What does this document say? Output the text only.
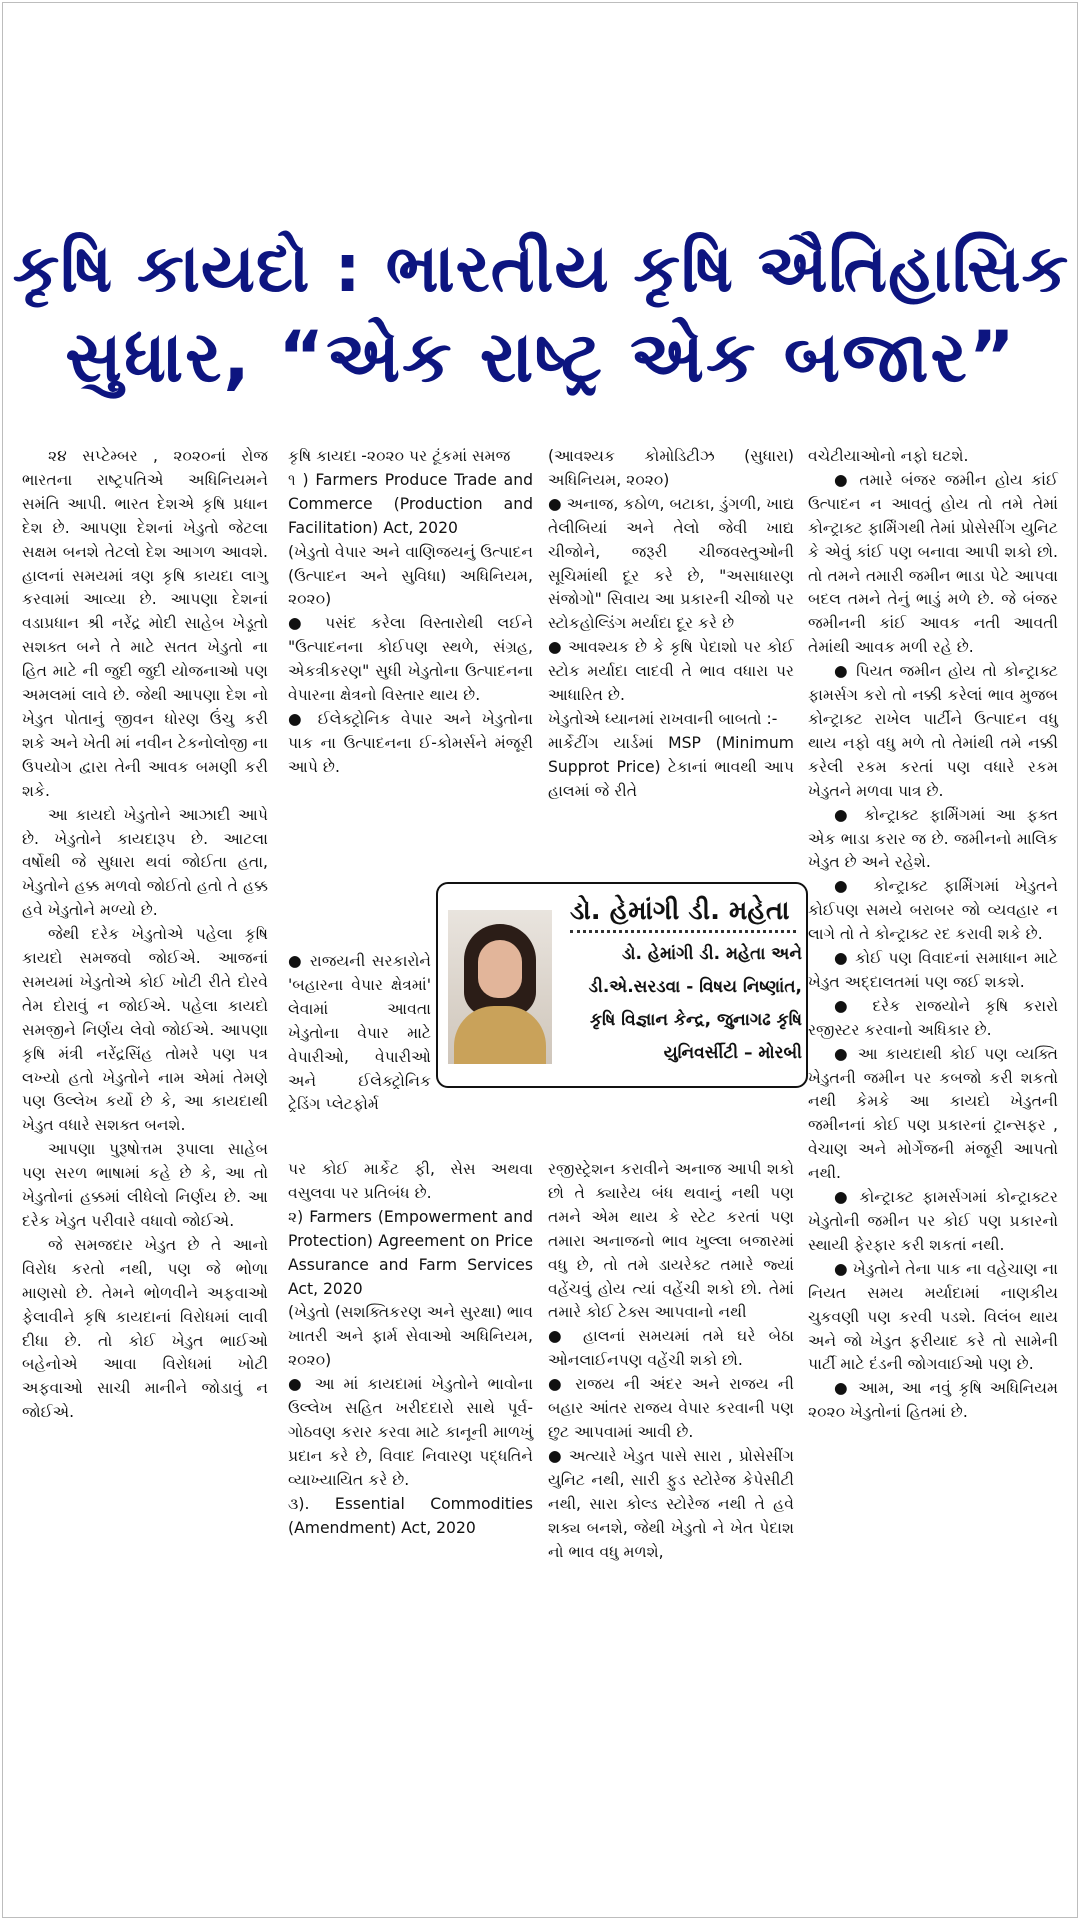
કૃષિ કાયદો : ભારતીય કૃષિ ઐતિહાસિક
સુધાર, “એક રાષ્ટ્ર એક બજાર”

૨૪ સપ્ટેમ્બર , ૨૦૨૦નાં રોજ ભારતના રાષ્ટ્રપતિએ અધિનિયમને સમંતિ આપી. ભારત દેશએ કૃષિ પ્રધાન દેશ છે. આપણા દેશનાં ખેડુતો જેટલા સક્ષમ બનશે તેટલો દેશ આગળ આવશે. હાલનાં સમયમાં ત્રણ કૃષિ કાયદા લાગુ કરવામાં આવ્યા છે. આપણા દેશનાં વડાપ્રધાન શ્રી નરેંદ્ર મોદી સાહેબ ખેડૂતો સશક્ત બને તે માટે સતત ખેડુતો ના હિત માટે ની જુદી જુદી યોજનાઓ પણ અમલમાં લાવે છે. જેથી આપણા દેશ નો ખેડુત પોતાનું જીવન ધોરણ ઉંચુ કરી શકે અને ખેતી માં નવીન ટેકનોલોજી ના ઉપયોગ દ્વારા તેની આવક બમણી કરી શકે.

આ કાયદો ખેડુતોને આઝાદી આપે છે. ખેડુતોને કાયદારૂપ છે. આટલા વર્ષોથી જે સુધારા થવાં જોઈતા હતા, ખેડુતોને હક્ક મળવો જોઈતો હતો તે હક્ક હવે ખેડુતોને મળ્યો છે.

જેથી દરેક ખેડુતોએ પહેલા કૃષિ કાયદો સમજવો જોઈએ. આજનાં સમયમાં ખેડુતોએ કોઈ ખોટી રીતે દોરવે તેમ દોરાવું ન જોઈએ. પહેલા કાયદો સમજીને નિર્ણય લેવો જોઈએ. આપણા કૃષિ મંત્રી નરેંદ્રસિંહ તોમરે પણ પત્ર લખ્યો હતો ખેડુતોને નામ એમાં તેમણે પણ ઉલ્લેખ કર્યો છે કે, આ કાયદાથી ખેડુત વધારે સશક્ત બનશે.

આપણા પુરૂષોત્તમ રૂપાલા સાહેબ પણ સરળ ભાષામાં કહે છે કે, આ તો ખેડુતોનાં હક્કમાં લીધેલો નિર્ણય છે. આ દરેક ખેડુત પરીવારે વધાવો જોઈએ.

જે સમજદાર ખેડુત છે તે આનો વિરોધ કરતો નથી, પણ જે ભોળા માણસો છે. તેમને ભોળવીને અફવાઓ ફેલાવીને કૃષિ કાયદાનાં વિરોધમાં લાવી દીધા છે. તો કોઈ ખેડુત ભાઈઓ બહેનોએ આવા વિરોધમાં ખોટી અફવાઓ સાચી માનીને જોડાવું ન જોઈએ.

કૃષિ કાયદા -૨૦૨૦ પર ટૂંકમાં સમજ

૧ ) Farmers Produce Trade and Commerce (Production and Facilitation) Act, 2020

(ખેડુતો વેપાર અને વાણિજયનું ઉત્પાદન (ઉત્પાદન અને સુવિધા) અધિનિયમ, ૨૦૨૦)

● પસંદ કરેલા વિસ્તારોથી લઈને "ઉત્પાદનના કોઈપણ સ્થળે, સંગ્રહ, એકત્રીકરણ" સુધી ખેડુતોના ઉત્પાદનના વેપારના ક્ષેત્રનો વિસ્તાર થાય છે.

● ઈલેક્ટ્રોનિક વેપાર અને ખેડુતોના પાક ના ઉત્પાદનના ઈ-કોમર્સને મંજૂરી આપે છે.

● રાજયની સરકારોને 'બહારના વેપાર ક્ષેત્રમાં' લેવામાં આવતા ખેડુતોના વેપાર માટે વેપારીઓ, વેપારીઓ અને ઈલેક્ટ્રોનિક ટ્રેડિંગ પ્લેટફોર્મ

પર કોઈ માર્કેટ ફી, સેસ અથવા વસુલવા પર પ્રતિબંધ છે.

૨) Farmers (Empowerment and Protection) Agreement on Price Assurance and Farm Services Act, 2020

(ખેડુતો (સશક્તિકરણ અને સુરક્ષા) ભાવ ખાતરી અને ફાર્મ સેવાઓ અધિનિયમ, ૨૦૨૦)

● આ માં કાયદામાં ખેડુતોને ભાવોના ઉલ્લેખ સહિત ખરીદદારો સાથે પૂર્વ-ગોઠવણ કરાર કરવા માટે કાનૂની માળખું પ્રદાન કરે છે, વિવાદ નિવારણ પદ્ધતિને વ્યાખ્યાયિત કરે છે.

૩). Essential Commodities (Amendment) Act, 2020

(આવશ્યક કોમોડિટીઝ (સુધારા) અધિનિયમ, ૨૦૨૦)

● અનાજ, કઠોળ, બટાકા, ડુંગળી, ખાદ્ય તેલીબિયાં અને તેલો જેવી ખાદ્ય ચીજોને, જરૂરી ચીજવસ્તુઓની સૂચિમાંથી દૂર કરે છે, "અસાધારણ સંજોગો" સિવાય આ પ્રકારની ચીજો પર સ્ટોકહોલ્ડિંગ મર્યાદા દૂર કરે છે

● આવશ્યક છે કે કૃષિ પેદાશો પર કોઈ સ્ટોક મર્યાદા લાદવી તે ભાવ વધારા પર આધારિત છે.

ખેડુતોએ ધ્યાનમાં રાખવાની બાબતો :-

માર્કેટીંગ યાર્ડમાં MSP (Minimum Supprot Price) ટેકાનાં ભાવથી આપ હાલમાં જે રીતે

ડો. હેમાંગી ડી. મહેતા
ડો. હેમાંગી ડી. મહેતા અને
ડી.એ.સરડવા - વિષય નિષ્ણાંત,
કૃષિ વિજ્ઞાન કેન્દ્ર, જુનાગઢ કૃષિ
યુનિવર્સીટી – મોરબી

રજીસ્ટ્રેશન કરાવીને અનાજ આપી શકો છો તે ક્યારેય બંધ થવાનું નથી પણ તમને એમ થાય કે સ્ટેટ કરતાં પણ તમારા અનાજનો ભાવ ખુલ્લા બજારમાં વધુ છે, તો તમે ડાયરેક્ટ તમારે જ્યાં વહેંચવું હોય ત્યાં વહેંચી શકો છો. તેમાં તમારે કોઈ ટેક્સ આપવાનો નથી

● હાલનાં સમયમાં તમે ઘરે બેઠા ઓનલાઈનપણ વહેંચી શકો છો.

● રાજય ની અંદર અને રાજય ની બહાર આંતર રાજય વેપાર કરવાની પણ છુટ આપવામાં આવી છે.

● અત્યારે ખેડુત પાસે સારા , પ્રોસેસીંગ યુનિટ નથી, સારી ફુડ સ્ટોરેજ કેપેસીટી નથી, સારા કોલ્ડ સ્ટોરેજ નથી તે હવે શક્ય બનશે, જેથી ખેડુતો ને ખેત પેદાશ નો ભાવ વધુ મળશે,

વચેટીયાઓનો નફો ઘટશે.

● તમારે બંજર જમીન હોય કાંઈ ઉત્પાદન ન આવતું હોય તો તમે તેમાં કોન્ટ્રાક્ટ ફાર્મિંગથી તેમાં પ્રોસેસીંગ યુનિટ કે એવું કાંઈ પણ બનાવા આપી શકો છો. તો તમને તમારી જમીન ભાડા પેટે આપવા બદલ તમને તેનું ભાડું મળે છે. જે બંજર જમીનની કાંઈ આવક નતી આવતી તેમાંથી આવક મળી રહે છે.

● પિયત જમીન હોય તો કોન્ટ્રાક્ટ ફામર્સગ કરો તો નક્કી કરેલાં ભાવ મુજબ કોન્ટ્રાક્ટ રાખેલ પાર્ટીને ઉત્પાદન વધુ થાય નફો વધુ મળે તો તેમાંથી તમે નક્કી કરેલી રકમ કરતાં પણ વધારે રકમ ખેડુતને મળવા પાત્ર છે.

● કોન્ટ્રાક્ટ ફાર્મિંગમાં આ ફક્ત એક ભાડા કરાર જ છે. જમીનનો માલિક ખેડુત છે અને રહેશે.

● કોન્ટ્રાક્ટ ફાર્મિંગમાં ખેડુતને કોઈપણ સમયે બરાબર જો વ્યવહાર ન લાગે તો તે કોન્ટ્રાક્ટ રદ કરાવી શકે છે.

● કોઈ પણ વિવાદનાં સમાધાન માટે ખેડુત અદ્દાલતમાં પણ જઈ શકશે.

● દરેક રાજયોને કૃષિ કરારો રજીસ્ટર કરવાનો અધિકાર છે.

● આ કાયદાથી કોઈ પણ વ્યક્તિ ખેડુતની જમીન પર કબજો કરી શકતો નથી કેમકે આ કાયદો ખેડુતની જમીનનાં કોઈ પણ પ્રકારનાં ટ્રાન્સફર , વેચાણ અને મોર્ગેજની મંજૂરી આપતો નથી.

● કોન્ટ્રાક્ટ ફામર્સગમાં કોન્ટ્રાક્ટર ખેડુતોની જમીન પર કોઈ પણ પ્રકારનો સ્થાયી ફેરફાર કરી શકતાં નથી.

● ખેડુતોને તેના પાક ના વહેચાણ ના નિયત સમય મર્યાદામાં નાણકીય ચુકવણી પણ કરવી પડશે. વિલંબ થાય અને જો ખેડુત ફરીયાદ કરે તો સામેની પાર્ટી માટે દંડની જોગવાઈઓ પણ છે.

● આમ, આ નવું કૃષિ અધિનિયમ ૨૦૨૦ ખેડુતોનાં હિતમાં છે.
